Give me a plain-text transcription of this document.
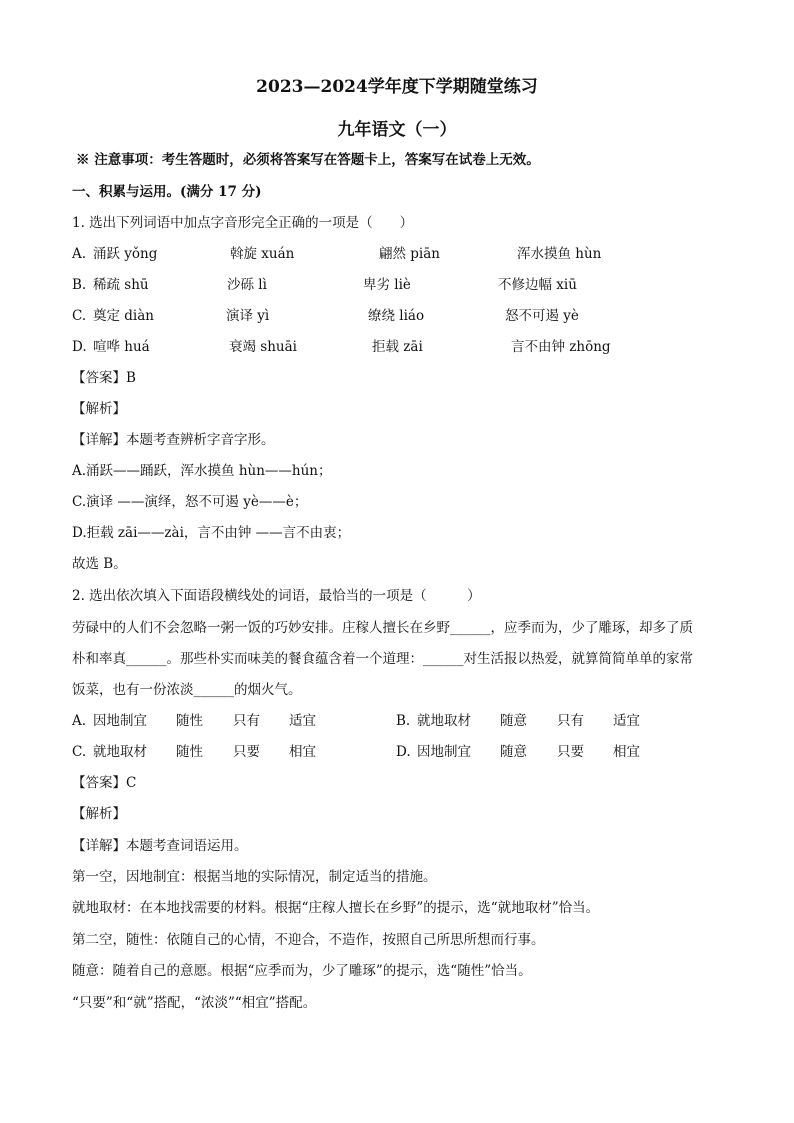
2023—2024学年度下学期随堂练习
九年语文（一）

※ 注意事项：考生答题时，必须将答案写在答题卡上，答案写在试卷上无效。

一、积累与运用。(满分 17 分)

1. 选出下列词语中加点字音形完全正确的一项是（　　）

A. 涌跃 yǒng	斡旋 xuán	翩然 piān	浑水摸鱼 hùn
B. 稀疏 shū	沙砾 lì	卑劣 liè	不修边幅 xiū
C. 奠定 diàn	演译 yì	缭绕 liáo	怒不可遏 yè
D. 喧哗 huá	衰竭 shuāi	拒载 zāi	言不由钟 zhōng

【答案】B

【解析】

【详解】本题考查辨析字音字形。

A.涌跃——踊跃，浑水摸鱼 hùn——hún；

C.演译 ——演绎，怒不可遏 yè——è；

D.拒载 zāi——zài，言不由钟 ——言不由衷；

故选 B。

2. 选出依次填入下面语段横线处的词语，最恰当的一项是（　　　）

劳碌中的人们不会忽略一粥一饭的巧妙安排。庄稼人擅长在乡野______，应季而为，少了雕琢，却多了质

朴和率真______。那些朴实而味美的餐食蕴含着一个道理：______对生活报以热爱，就算简简单单的家常

饭菜，也有一份浓淡______的烟火气。

A. 因地制宜 随性 只有 适宜	B. 就地取材 随意 只有 适宜
C. 就地取材 随性 只要 相宜	D. 因地制宜 随意 只要 相宜

【答案】C

【解析】

【详解】本题考查词语运用。

第一空，因地制宜：根据当地的实际情况，制定适当的措施。

就地取材：在本地找需要的材料。根据“庄稼人擅长在乡野”的提示，选“就地取材”恰当。

第二空，随性：依随自己的心情，不迎合，不造作，按照自己所思所想而行事。

随意：随着自己的意愿。根据“应季而为，少了雕琢”的提示，选“随性”恰当。

“只要”和“就”搭配，“浓淡”“相宜”搭配。
